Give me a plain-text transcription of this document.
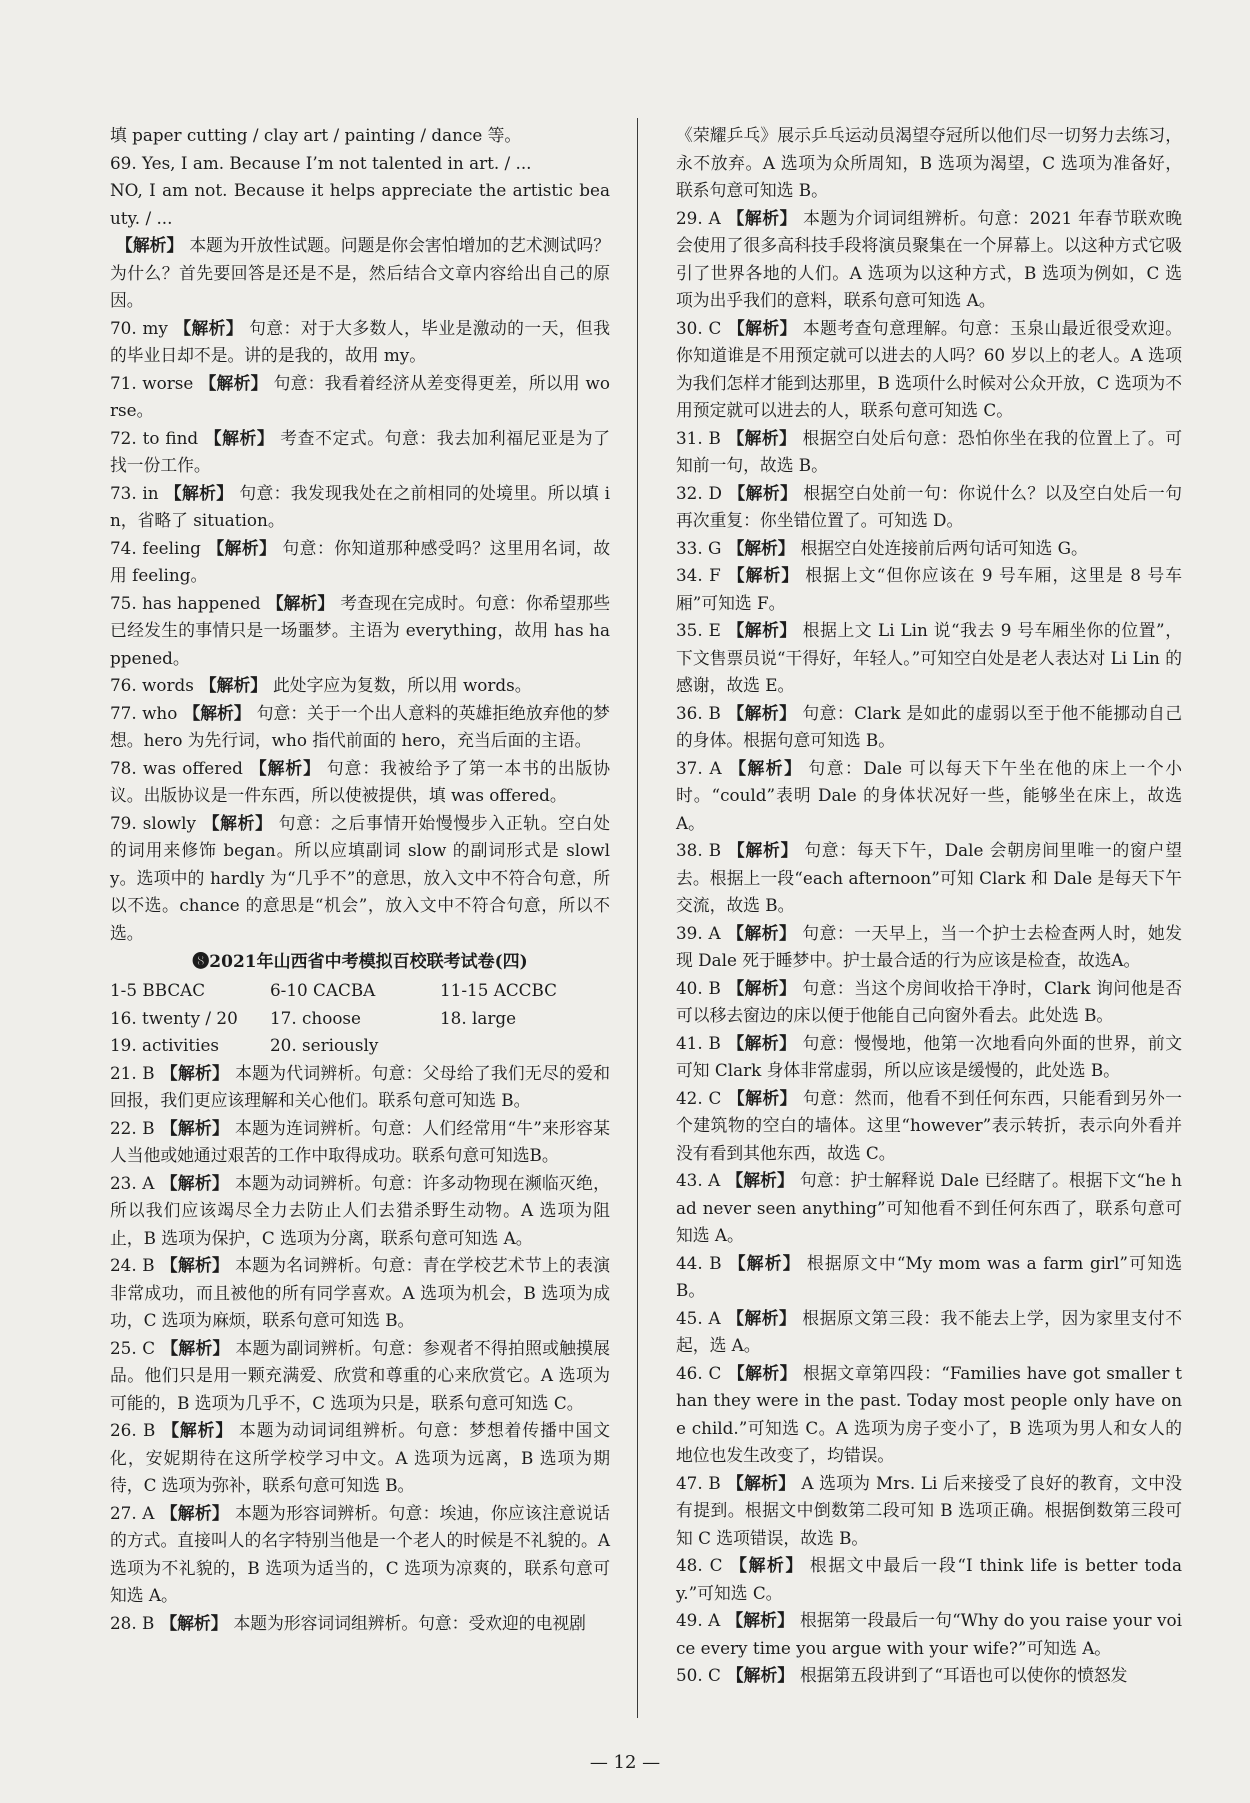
填 paper cutting / clay art / painting / dance 等。
69. Yes, I am. Because I’m not talented in art. / ...
NO, I am not. Because it helps appreciate the artistic beauty. / ...
【解析】 本题为开放性试题。问题是你会害怕增加的艺术测试吗？为什么？首先要回答是还是不是，然后结合文章内容给出自己的原因。
70. my 【解析】 句意：对于大多数人，毕业是激动的一天，但我的毕业日却不是。讲的是我的，故用 my。
71. worse 【解析】 句意：我看着经济从差变得更差，所以用 worse。
72. to find 【解析】 考查不定式。句意：我去加利福尼亚是为了找一份工作。
73. in 【解析】 句意：我发现我处在之前相同的处境里。所以填 in，省略了 situation。
74. feeling 【解析】 句意：你知道那种感受吗？这里用名词，故用 feeling。
75. has happened 【解析】 考查现在完成时。句意：你希望那些已经发生的事情只是一场噩梦。主语为 everything，故用 has happened。
76. words 【解析】 此处字应为复数，所以用 words。
77. who 【解析】 句意：关于一个出人意料的英雄拒绝放弃他的梦想。hero 为先行词，who 指代前面的 hero，充当后面的主语。
78. was offered 【解析】 句意：我被给予了第一本书的出版协议。出版协议是一件东西，所以使被提供，填 was offered。
79. slowly 【解析】 句意：之后事情开始慢慢步入正轨。空白处的词用来修饰 began。所以应填副词 slow 的副词形式是 slowly。选项中的 hardly 为“几乎不”的意思，放入文中不符合句意，所以不选。chance 的意思是“机会”，放入文中不符合句意，所以不选。
❽2021年山西省中考模拟百校联考试卷(四)
1-5 BBCAC	6-10 CACBA	11-15 ACCBC
16. twenty / 20	17. choose	18. large
19. activities	20. seriously
21. B 【解析】 本题为代词辨析。句意：父母给了我们无尽的爱和回报，我们更应该理解和关心他们。联系句意可知选 B。
22. B 【解析】 本题为连词辨析。句意：人们经常用“牛”来形容某人当他或她通过艰苦的工作中取得成功。联系句意可知选B。
23. A 【解析】 本题为动词辨析。句意：许多动物现在濒临灭绝，所以我们应该竭尽全力去防止人们去猎杀野生动物。A 选项为阻止，B 选项为保护，C 选项为分离，联系句意可知选 A。
24. B 【解析】 本题为名词辨析。句意：青在学校艺术节上的表演非常成功，而且被他的所有同学喜欢。A 选项为机会，B 选项为成功，C 选项为麻烦，联系句意可知选 B。
25. C 【解析】 本题为副词辨析。句意：参观者不得拍照或触摸展品。他们只是用一颗充满爱、欣赏和尊重的心来欣赏它。A 选项为可能的，B 选项为几乎不，C 选项为只是，联系句意可知选 C。
26. B 【解析】 本题为动词词组辨析。句意：梦想着传播中国文化，安妮期待在这所学校学习中文。A 选项为远离，B 选项为期待，C 选项为弥补，联系句意可知选 B。
27. A 【解析】 本题为形容词辨析。句意：埃迪，你应该注意说话的方式。直接叫人的名字特别当他是一个老人的时候是不礼貌的。A 选项为不礼貌的，B 选项为适当的，C 选项为凉爽的，联系句意可知选 A。
28. B 【解析】 本题为形容词词组辨析。句意：受欢迎的电视剧
《荣耀乒乓》展示乒乓运动员渴望夺冠所以他们尽一切努力去练习，永不放弃。A 选项为众所周知，B 选项为渴望，C 选项为准备好，联系句意可知选 B。
29. A 【解析】 本题为介词词组辨析。句意：2021 年春节联欢晚会使用了很多高科技手段将演员聚集在一个屏幕上。以这种方式它吸引了世界各地的人们。A 选项为以这种方式，B 选项为例如，C 选项为出乎我们的意料，联系句意可知选 A。
30. C 【解析】 本题考查句意理解。句意：玉泉山最近很受欢迎。你知道谁是不用预定就可以进去的人吗？60 岁以上的老人。A 选项为我们怎样才能到达那里，B 选项什么时候对公众开放，C 选项为不用预定就可以进去的人，联系句意可知选 C。
31. B 【解析】 根据空白处后句意：恐怕你坐在我的位置上了。可知前一句，故选 B。
32. D 【解析】 根据空白处前一句：你说什么？以及空白处后一句再次重复：你坐错位置了。可知选 D。
33. G 【解析】 根据空白处连接前后两句话可知选 G。
34. F 【解析】 根据上文“但你应该在 9 号车厢，这里是 8 号车厢”可知选 F。
35. E 【解析】 根据上文 Li Lin 说“我去 9 号车厢坐你的位置”，下文售票员说“干得好，年轻人。”可知空白处是老人表达对 Li Lin 的感谢，故选 E。
36. B 【解析】 句意：Clark 是如此的虚弱以至于他不能挪动自己的身体。根据句意可知选 B。
37. A 【解析】 句意：Dale 可以每天下午坐在他的床上一个小时。“could”表明 Dale 的身体状况好一些，能够坐在床上，故选 A。
38. B 【解析】 句意：每天下午，Dale 会朝房间里唯一的窗户望去。根据上一段“each afternoon”可知 Clark 和 Dale 是每天下午交流，故选 B。
39. A 【解析】 句意：一天早上，当一个护士去检查两人时，她发现 Dale 死于睡梦中。护士最合适的行为应该是检查，故选A。
40. B 【解析】 句意：当这个房间收拾干净时，Clark 询问他是否可以移去窗边的床以便于他能自己向窗外看去。此处选 B。
41. B 【解析】 句意：慢慢地，他第一次地看向外面的世界，前文可知 Clark 身体非常虚弱，所以应该是缓慢的，此处选 B。
42. C 【解析】 句意：然而，他看不到任何东西，只能看到另外一个建筑物的空白的墙体。这里“however”表示转折，表示向外看并没有看到其他东西，故选 C。
43. A 【解析】 句意：护士解释说 Dale 已经瞎了。根据下文“he had never seen anything”可知他看不到任何东西了，联系句意可知选 A。
44. B 【解析】 根据原文中“My mom was a farm girl”可知选 B。
45. A 【解析】 根据原文第三段：我不能去上学，因为家里支付不起，选 A。
46. C 【解析】 根据文章第四段：“Families have got smaller than they were in the past. Today most people only have one child.”可知选 C。A 选项为房子变小了，B 选项为男人和女人的地位也发生改变了，均错误。
47. B 【解析】 A 选项为 Mrs. Li 后来接受了良好的教育，文中没有提到。根据文中倒数第二段可知 B 选项正确。根据倒数第三段可知 C 选项错误，故选 B。
48. C 【解析】 根据文中最后一段“I think life is better today.”可知选 C。
49. A 【解析】 根据第一段最后一句“Why do you raise your voice every time you argue with your wife?”可知选 A。
50. C 【解析】 根据第五段讲到了“耳语也可以使你的愤怒发
— 12 —
